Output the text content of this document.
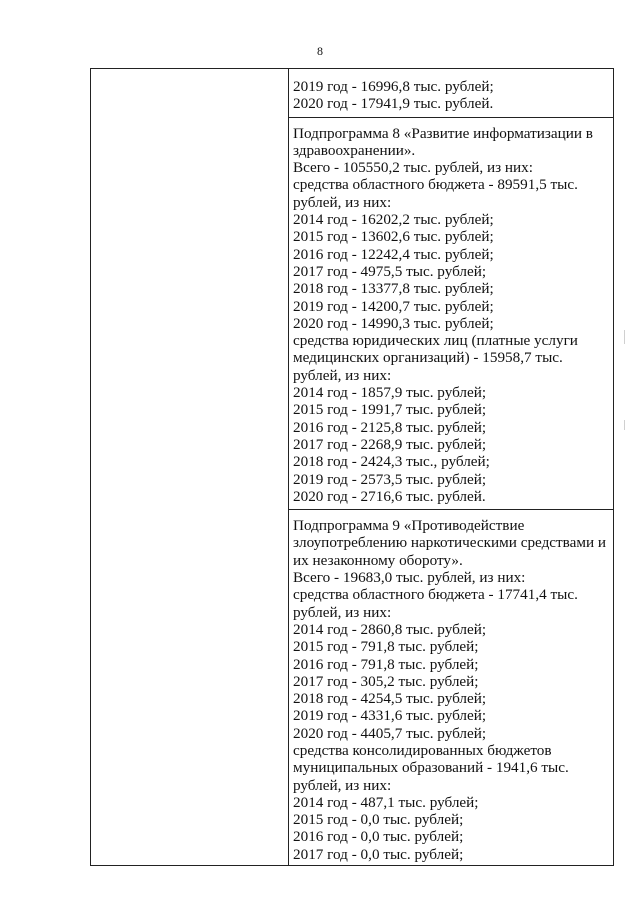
8

2019 год - 16996,8 тыс. рублей;
2020 год - 17941,9 тыс. рублей.

Подпрограмма 8 «Развитие информатизации в
здравоохранении».
Всего - 105550,2 тыс. рублей, из них:
средства областного бюджета - 89591,5 тыс.
рублей, из них:
2014 год - 16202,2 тыс. рублей;
2015 год - 13602,6 тыс. рублей;
2016 год - 12242,4 тыс. рублей;
2017 год - 4975,5 тыс. рублей;
2018 год - 13377,8 тыс. рублей;
2019 год - 14200,7 тыс. рублей;
2020 год - 14990,3 тыс. рублей;
средства юридических лиц (платные услуги
медицинских организаций) - 15958,7 тыс.
рублей, из них:
2014 год - 1857,9 тыс. рублей;
2015 год - 1991,7 тыс. рублей;
2016 год - 2125,8 тыс. рублей;
2017 год - 2268,9 тыс. рублей;
2018 год - 2424,3 тыс., рублей;
2019 год - 2573,5 тыс. рублей;
2020 год - 2716,6 тыс. рублей.

Подпрограмма 9 «Противодействие
злоупотреблению наркотическими средствами и
их незаконному обороту».
Всего - 19683,0 тыс. рублей, из них:
средства областного бюджета - 17741,4 тыс.
рублей, из них:
2014 год - 2860,8 тыс. рублей;
2015 год - 791,8 тыс. рублей;
2016 год - 791,8 тыс. рублей;
2017 год - 305,2 тыс. рублей;
2018 год - 4254,5 тыс. рублей;
2019 год - 4331,6 тыс. рублей;
2020 год - 4405,7 тыс. рублей;
средства консолидированных бюджетов
муниципальных образований - 1941,6 тыс.
рублей, из них:
2014 год - 487,1 тыс. рублей;
2015 год - 0,0 тыс. рублей;
2016 год - 0,0 тыс. рублей;
2017 год - 0,0 тыс. рублей;
